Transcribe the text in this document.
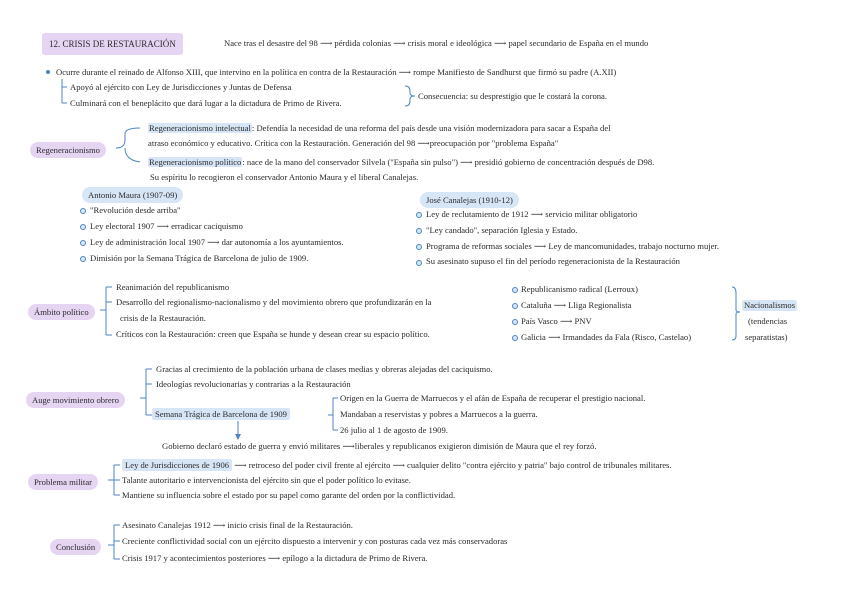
12. CRISIS DE RESTAURACIÓN	Nace tras el desastre del 98 ⟶ pérdida colonias ⟶ crisis moral e ideológica ⟶ papel secundario de España en el mundo
Ocurre durante el reinado de Alfonso XIII, que intervino en la política en contra de la Restauración ⟶ rompe Manifiesto de Sandhurst que firmó su padre (A.XII)
Apoyó al ejército con Ley de Jurisdicciones y Juntas de Defensa
Culminará con el beneplácito que dará lugar a la dictadura de Primo de Rivera.
Consecuencia: su desprestigio que le costará la corona.
Regeneracionismo
Regeneracionismo intelectual: Defendía la necesidad de una reforma del país desde una visión modernizadora para sacar a España del
atraso económico y educativo. Crítica con la Restauración. Generación del 98 ⟶preocupación por "problema España"
Regeneracionismo político: nace de la mano del conservador Silvela ("España sin pulso") ⟶ presidió gobierno de concentración después de D98.
Su espíritu lo recogieron el conservador Antonio Maura y el liberal Canalejas.
Antonio Maura (1907-09)
"Revolución desde arriba"
Ley electoral 1907 ⟶ erradicar caciquismo
Ley de administración local 1907 ⟶ dar autonomía a los ayuntamientos.
Dimisión por la Semana Trágica de Barcelona de julio de 1909.
José Canalejas (1910-12)
Ley de reclutamiento de 1912 ⟶ servicio militar obligatorio
"Ley candado", separación Iglesia y Estado.
Programa de reformas sociales ⟶ Ley de mancomunidades, trabajo nocturno mujer.
Su asesinato supuso el fin del período regeneracionista de la Restauración
Ámbito político
Reanimación del republicanismo
Desarrollo del regionalismo-nacionalismo y del movimiento obrero que profundizarán en la
crisis de la Restauración.
Críticos con la Restauración: creen que España se hunde y desean crear su espacio político.
Republicanismo radical (Lerroux)
Cataluña ⟶ Lliga Regionalista
País Vasco ⟶ PNV
Galicia ⟶ Irmandades da Fala (Risco, Castelao)
Nacionalismos
(tendencias
separatistas)
Auge movimiento obrero
Gracias al crecimiento de la población urbana de clases medias y obreras alejadas del caciquismo.
Ideologías revolucionarias y contrarias a la Restauración
Semana Trágica de Barcelona de 1909
Origen en la Guerra de Marruecos y el afán de España de recuperar el prestigio nacional.
Mandaban a reservistas y pobres a Marruecos a la guerra.
26 julio al 1 de agosto de 1909.
Gobierno declaró estado de guerra y envió militares ⟶liberales y republicanos exigieron dimisión de Maura que el rey forzó.
Problema militar
Ley de Jurisdicciones de 1906 ⟶ retroceso del poder civil frente al ejército ⟶ cualquier delito "contra ejército y patria" bajo control de tribunales militares.
Talante autoritario e intervencionista del ejército sin que el poder político lo evitase.
Mantiene su influencia sobre el estado por su papel como garante del orden por la conflictividad.
Conclusión
Asesinato Canalejas 1912 ⟶ inicio crisis final de la Restauración.
Creciente conflictividad social con un ejército dispuesto a intervenir y con posturas cada vez más conservadoras
Crisis 1917 y acontecimientos posteriores ⟶ epílogo a la dictadura de Primo de Rivera.
